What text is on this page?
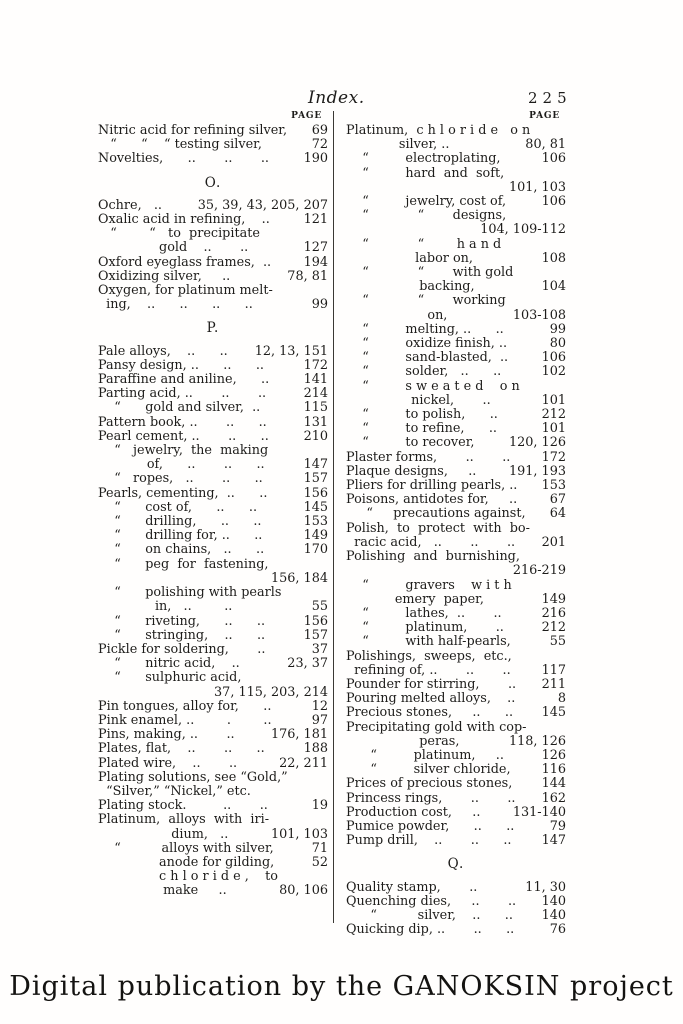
Index.	225
PAGE
Nitric acid for refining silver, 69
“      “    “ testing silver,	72
Novelties,      ..       ..       ..	190
O.
Ochre,   ..	35, 39, 43, 205, 207
Oxalic acid in refining,    ..	121
“        “   to  precipitate
gold    ..       ..	127
Oxford eyeglass frames,  ..	194
Oxidizing silver,     ..	78, 81
Oxygen, for platinum melt-
ing,    ..      ..      ..      ..	99
P.
Pale alloys,    ..      .. 12, 13, 151
Pansy design, ..      ..      ..	172
Paraffine and aniline,      ..	141
Parting acid, ..       ..       ..	214
“      gold and silver,  ..	115
Pattern book, ..       ..      ..	131
Pearl cement, ..       ..      ..	210
“   jewelry,  the  making
of,      ..       ..      ..	147
“   ropes,   ..       ..      ..	157
Pearls, cementing,  ..      ..	156
“      cost of,      ..      ..	145
“      drilling,      ..      ..	153
“      drilling for, ..      ..	149
“      on chains,   ..      ..	170
“      peg  for  fastening,
156, 184
“      polishing with pearls
in,   ..        ..	55
“      riveting,      ..      ..	156
“      stringing,    ..      ..	157
Pickle for soldering,       ..	37
“      nitric acid,    ..	23, 37
“      sulphuric acid,
37, 115, 203, 214
Pin tongues, alloy for,      ..	12
Pink enamel, ..        .        ..	97
Pins, making, ..       ..	176, 181
Plates, flat,    ..       ..      ..	188
Plated wire,    ..       ..	22, 211
Plating solutions, see “Gold,”
“Silver,” “Nickel,” etc.
Plating stock.         ..       ..	19
Platinum,  alloys  with  iri-
dium,   ..	101, 103
“          alloys with silver,	71
anode for gilding,	52
c h l o r i d e ,    to
make     ..	80, 106
PAGE
Platinum,  c h l o r i d e   o n
silver, ..	80, 81
“         electroplating,	106
“         hard  and  soft,
101, 103
“         jewelry, cost of,	106
“            “       designs,
104, 109-112
“            “        h a n d
labor on,	108
“            “       with gold
backing,	104
“            “       working
on,	103-108
“         melting, ..      ..	99
“         oxidize finish, ..	80
“         sand-blasted,  ..	106
“         solder,   ..      ..	102
“         s w e a t e d    o n
nickel,       ..	101
“         to polish,      ..	212
“         to refine,      ..	101
“         to recover,	120, 126
Plaster forms,       ..       .. 172
Plaque designs,     ..	191, 193
Pliers for drilling pearls, .. 153
Poisons, antidotes for,     ..	67
“     precautions against, 64
Polish,  to  protect  with  bo-
racic acid,   ..       ..       .. 201
Polishing  and  burnishing,
216-219
“         gravers    w i t h
emery  paper,	149
“         lathes,  ..       ..	216
“         platinum,       ..	212
“         with half-pearls,	55
Polishings,  sweeps,  etc.,
refining of, ..       ..       .. 117
Pounder for stirring,       .. 211
Pouring melted alloys,    ..	8
Precious stones,     ..      .. 145
Precipitating gold with cop-
peras,	118, 126
“         platinum,     ..	126
“         silver chloride, 116
Prices of precious stones, 144
Princess rings,       ..       .. 162
Production cost,     ..	131-140
Pumice powder,      ..      ..	79
Pump drill,    ..       ..      .. 147
Q.
Quality stamp,       ..	11, 30
Quenching dies,     ..       .. 140
“          silver,    ..      .. 140
Quicking dip, ..       ..      ..	76
Digital publication by the GANOKSIN project
